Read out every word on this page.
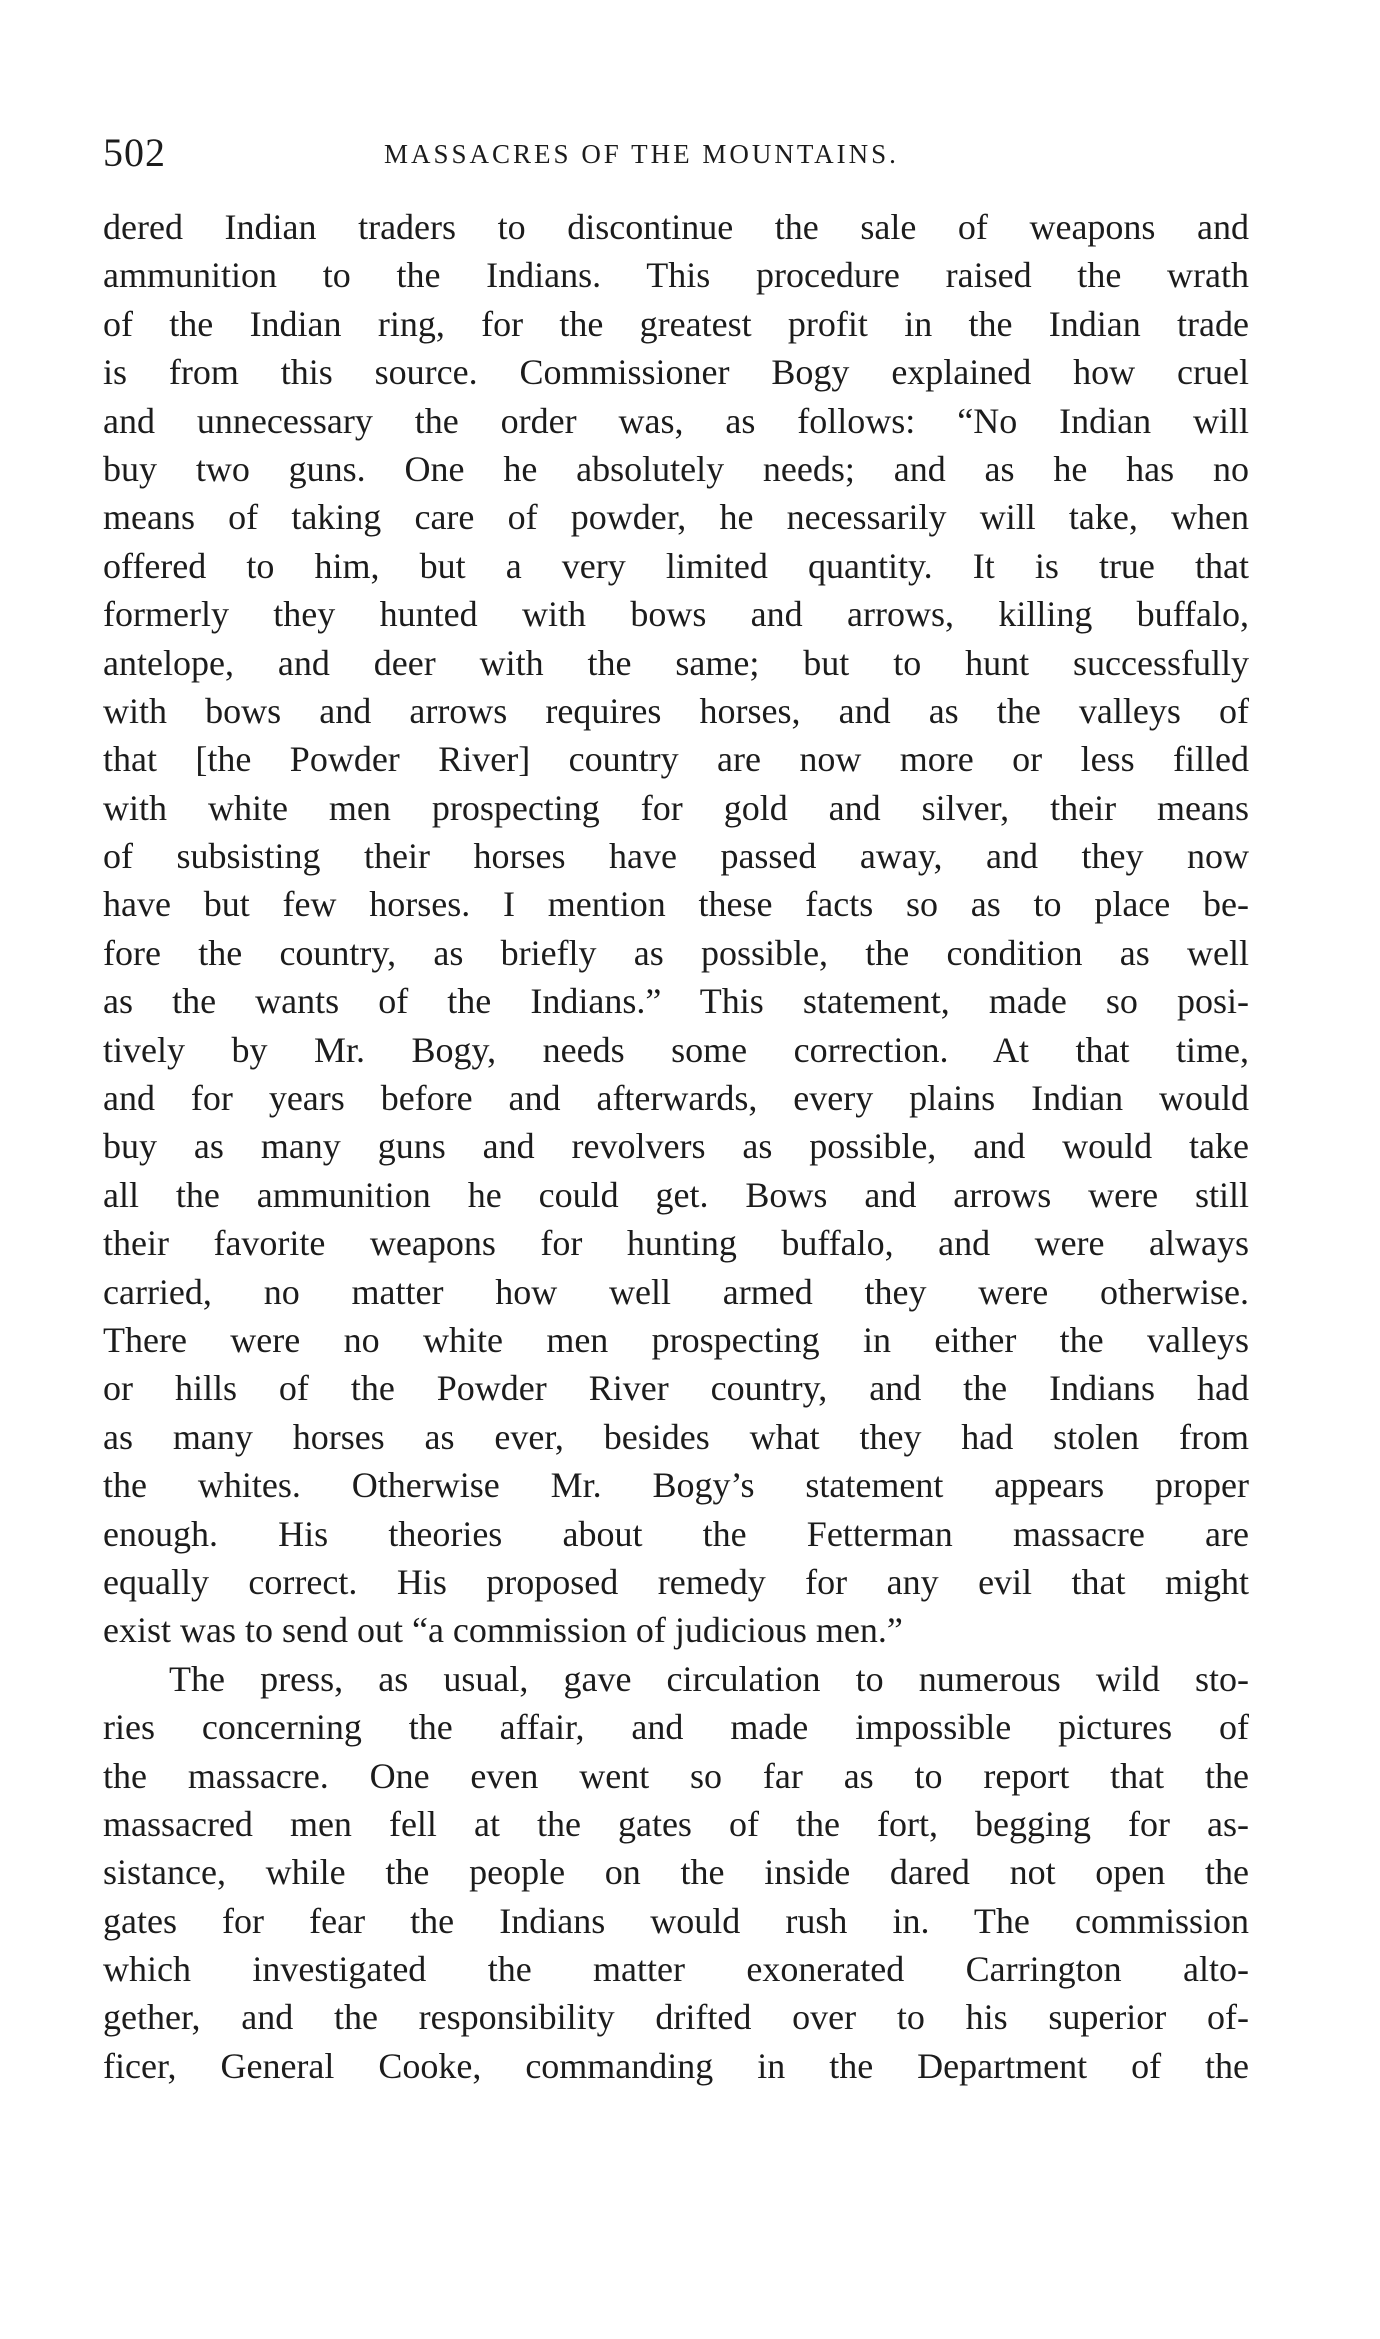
502	MASSACRES OF THE MOUNTAINS.
dered Indian traders to discontinue the sale of weapons and
ammunition to the Indians. This procedure raised the wrath
of the Indian ring, for the greatest profit in the Indian trade
is from this source. Commissioner Bogy explained how cruel
and unnecessary the order was, as follows: “No Indian will
buy two guns. One he absolutely needs; and as he has no
means of taking care of powder, he necessarily will take, when
offered to him, but a very limited quantity. It is true that
formerly they hunted with bows and arrows, killing buffalo,
antelope, and deer with the same; but to hunt successfully
with bows and arrows requires horses, and as the valleys of
that [the Powder River] country are now more or less filled
with white men prospecting for gold and silver, their means
of subsisting their horses have passed away, and they now
have but few horses. I mention these facts so as to place be-
fore the country, as briefly as possible, the condition as well
as the wants of the Indians.” This statement, made so posi-
tively by Mr. Bogy, needs some correction. At that time,
and for years before and afterwards, every plains Indian would
buy as many guns and revolvers as possible, and would take
all the ammunition he could get. Bows and arrows were still
their favorite weapons for hunting buffalo, and were always
carried, no matter how well armed they were otherwise.
There were no white men prospecting in either the valleys
or hills of the Powder River country, and the Indians had
as many horses as ever, besides what they had stolen from
the whites. Otherwise Mr. Bogy’s statement appears proper
enough. His theories about the Fetterman massacre are
equally correct. His proposed remedy for any evil that might
exist was to send out “a commission of judicious men.”
The press, as usual, gave circulation to numerous wild sto-
ries concerning the affair, and made impossible pictures of
the massacre. One even went so far as to report that the
massacred men fell at the gates of the fort, begging for as-
sistance, while the people on the inside dared not open the
gates for fear the Indians would rush in. The commission
which investigated the matter exonerated Carrington alto-
gether, and the responsibility drifted over to his superior of-
ficer, General Cooke, commanding in the Department of the
